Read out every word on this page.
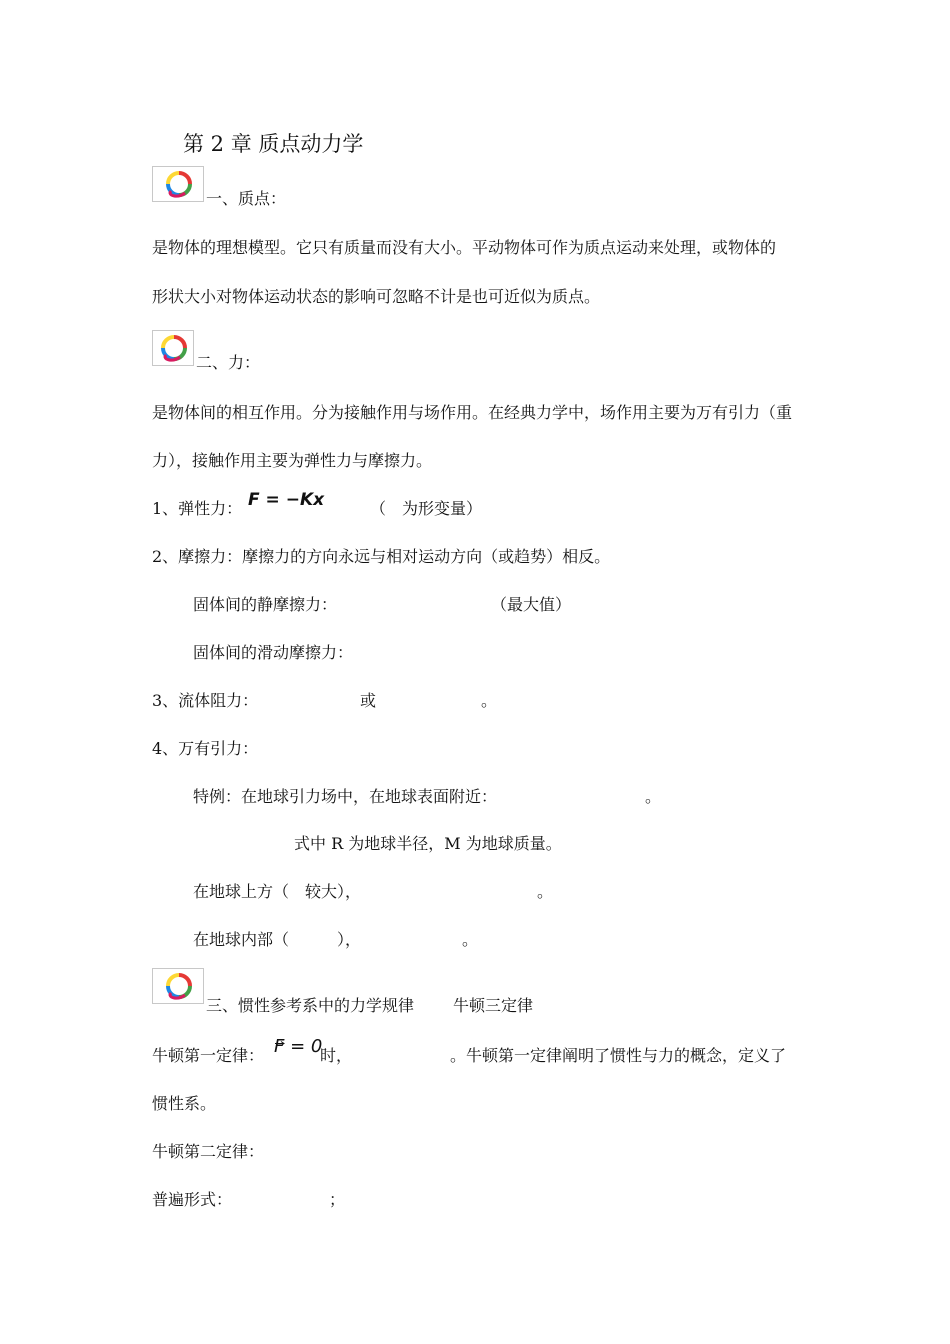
第 2 章 质点动力学
一、质点：
是物体的理想模型。它只有质量而没有大小。平动物体可作为质点运动来处理，或物体的
形状大小对物体运动状态的影响可忽略不计是也可近似为质点。
二、力：
是物体间的相互作用。分为接触作用与场作用。在经典力学中，场作用主要为万有引力（重
力），接触作用主要为弹性力与摩擦力。
1、弹性力： F = −Kx	（　为形变量）
2、摩擦力：摩擦力的方向永远与相对运动方向（或趋势）相反。
固体间的静摩擦力：	（最大值）
固体间的滑动摩擦力：
3、流体阻力：	或	。
4、万有引力：
特例：在地球引力场中，在地球表面附近：	。
式中 R 为地球半径，M 为地球质量。
在地球上方（　较大），	。
在地球内部（　　　），	。
三、惯性参考系中的力学规律 牛顿三定律
牛顿第一定律： F = 0
时，	。牛顿第一定律阐明了惯性与力的概念，定义了
惯性系。
牛顿第二定律：
普遍形式：	；
